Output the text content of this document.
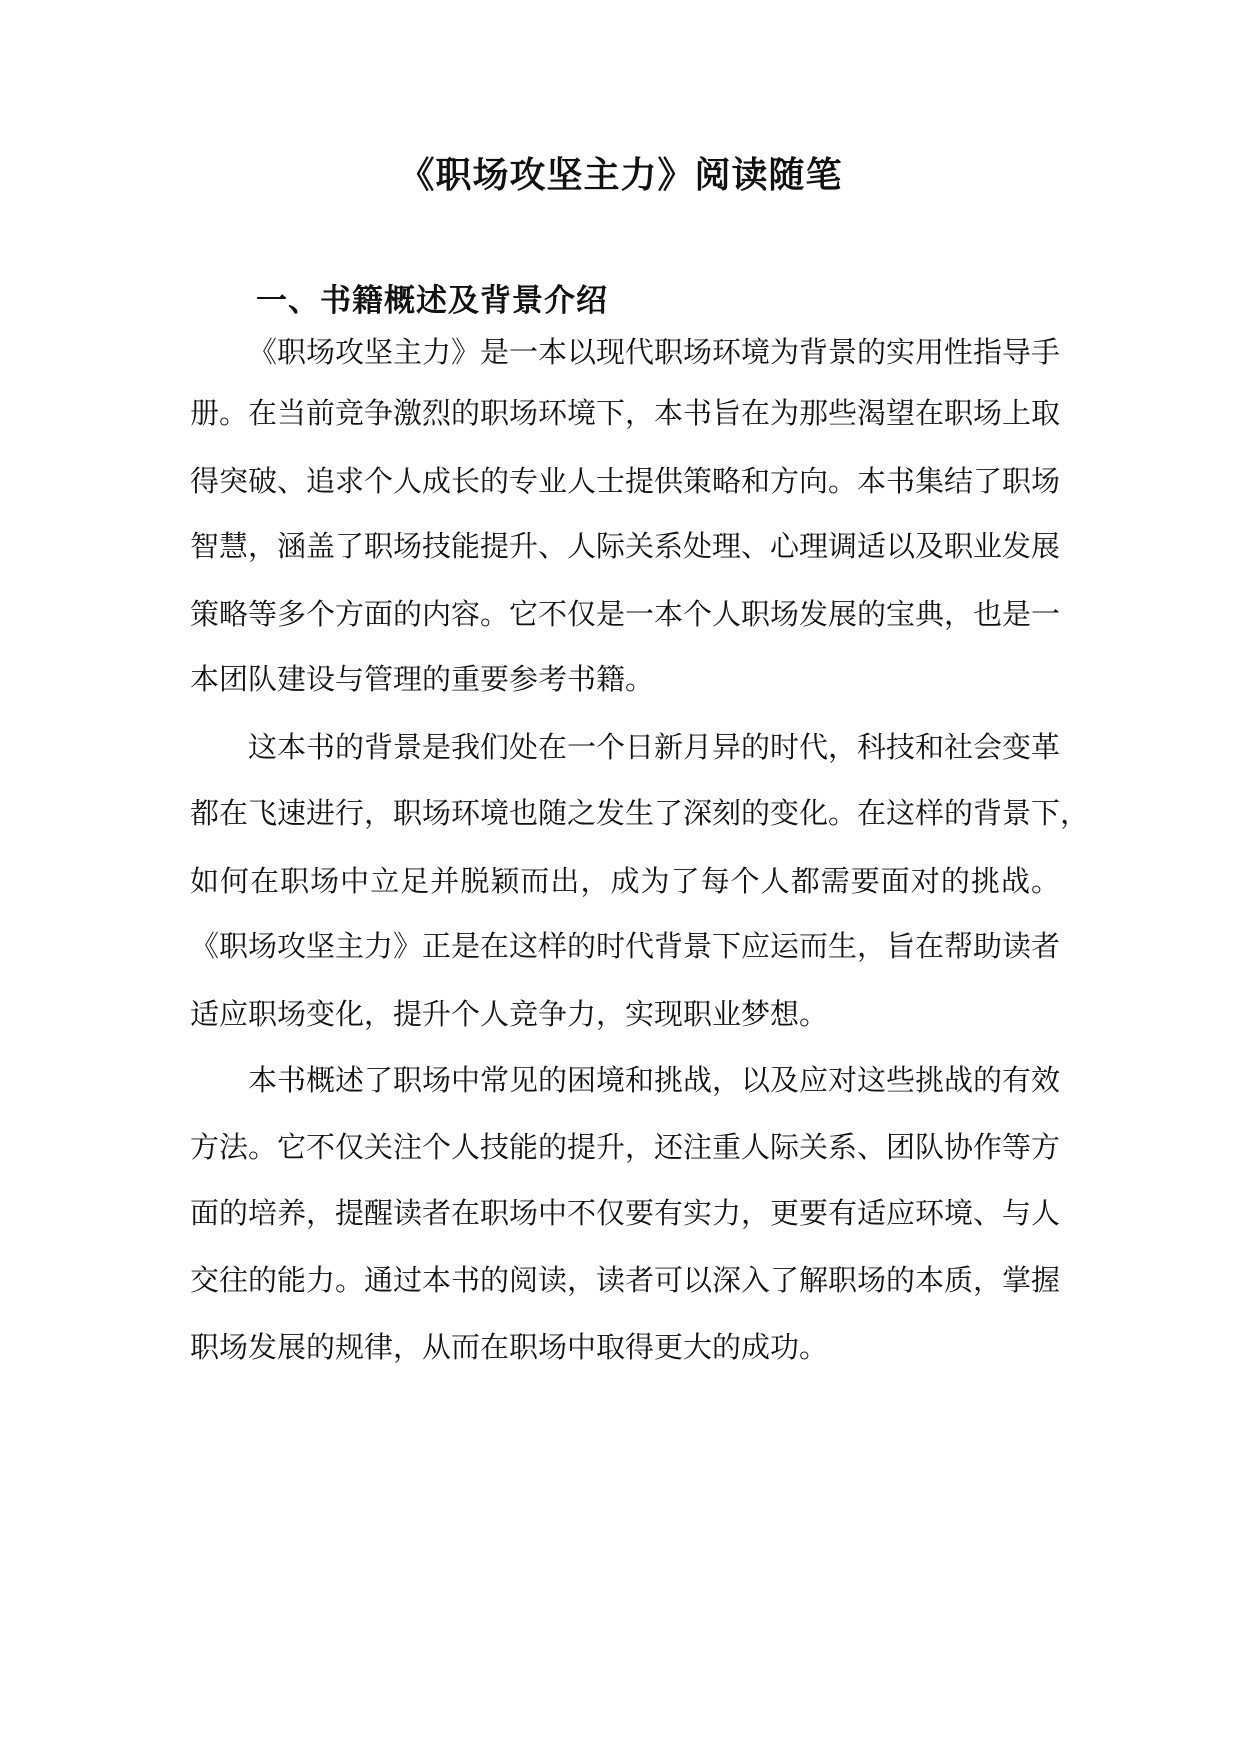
《职场攻坚主力》阅读随笔
一、书籍概述及背景介绍
《职场攻坚主力》是一本以现代职场环境为背景的实用性指导手
册。在当前竞争激烈的职场环境下，本书旨在为那些渴望在职场上取
得突破、追求个人成长的专业人士提供策略和方向。本书集结了职场
智慧，涵盖了职场技能提升、人际关系处理、心理调适以及职业发展
策略等多个方面的内容。它不仅是一本个人职场发展的宝典，也是一
本团队建设与管理的重要参考书籍。
这本书的背景是我们处在一个日新月异的时代，科技和社会变革
都在飞速进行，职场环境也随之发生了深刻的变化。在这样的背景下，
如何在职场中立足并脱颖而出，成为了每个人都需要面对的挑战。
《职场攻坚主力》正是在这样的时代背景下应运而生，旨在帮助读者
适应职场变化，提升个人竞争力，实现职业梦想。
本书概述了职场中常见的困境和挑战，以及应对这些挑战的有效
方法。它不仅关注个人技能的提升，还注重人际关系、团队协作等方
面的培养，提醒读者在职场中不仅要有实力，更要有适应环境、与人
交往的能力。通过本书的阅读，读者可以深入了解职场的本质，掌握
职场发展的规律，从而在职场中取得更大的成功。
